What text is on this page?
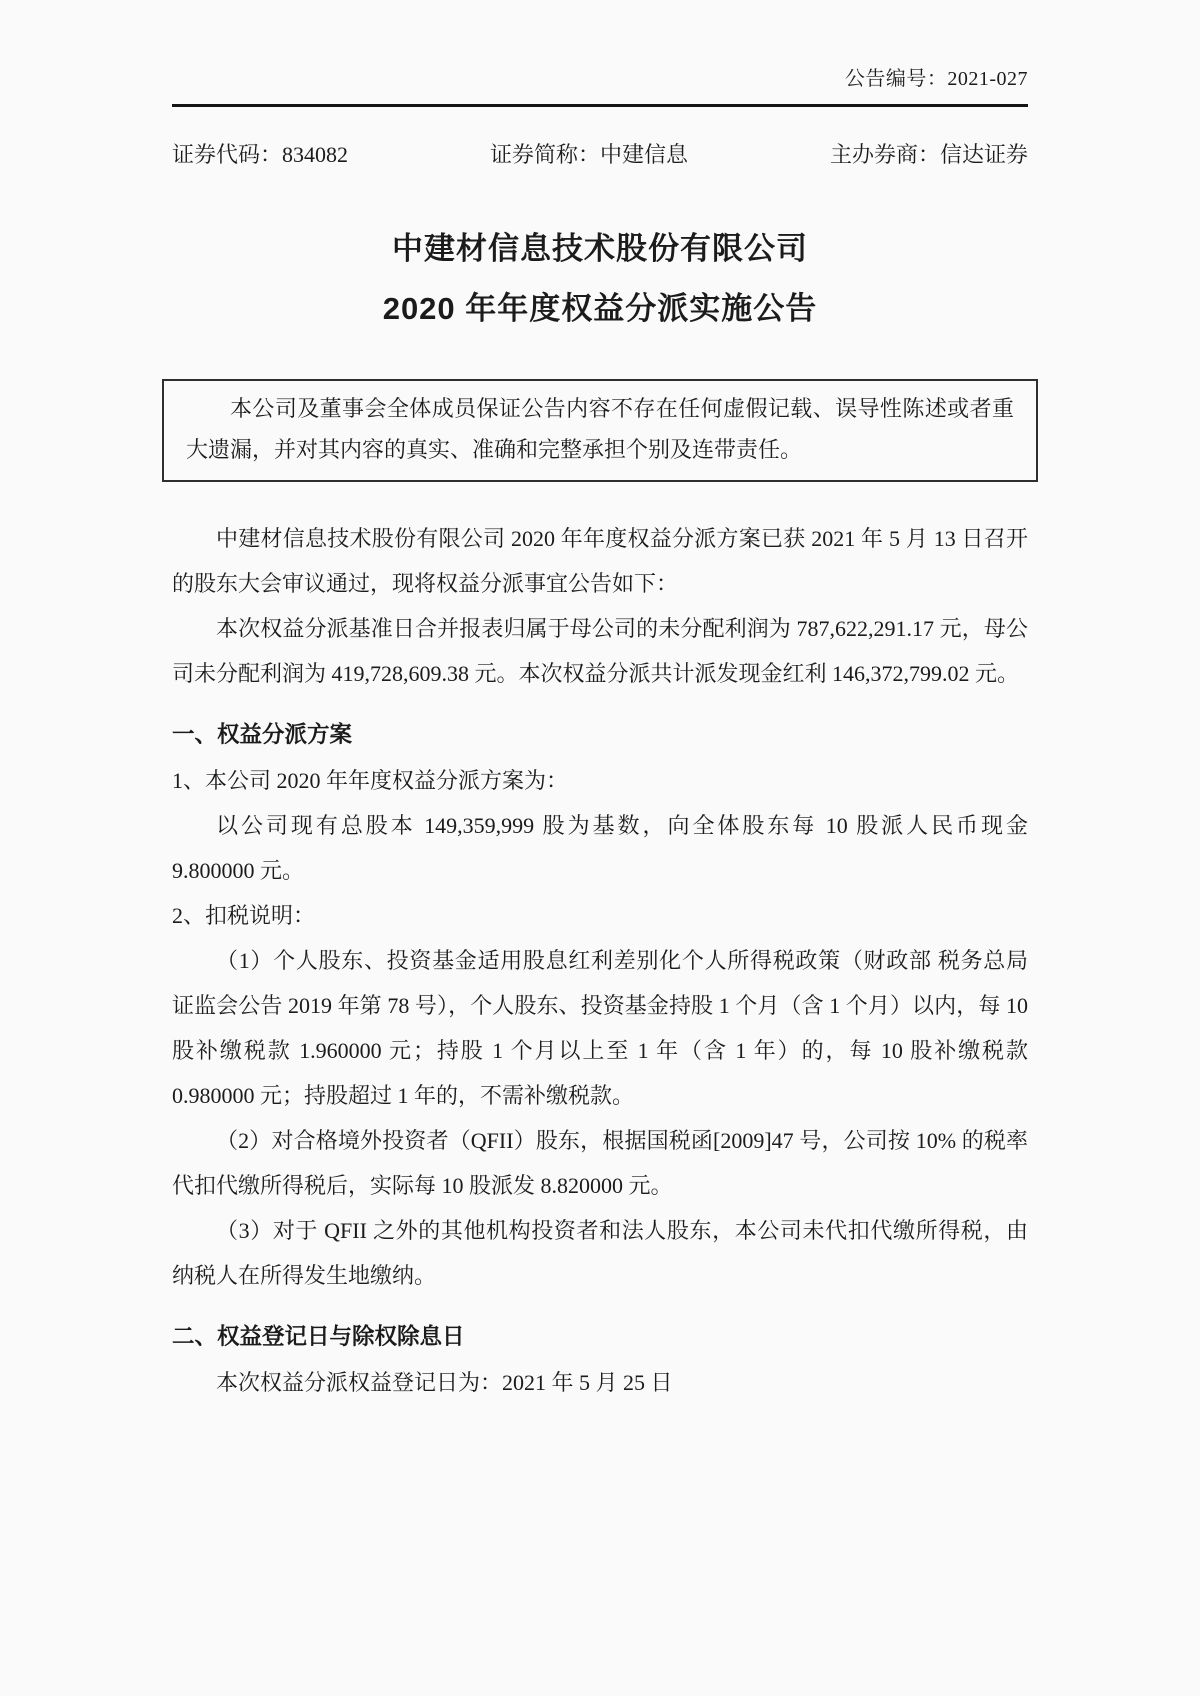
公告编号：2021-027
证券代码：834082	证券简称：中建信息	主办券商：信达证券
中建材信息技术股份有限公司
2020 年年度权益分派实施公告
本公司及董事会全体成员保证公告内容不存在任何虚假记载、误导性陈述或者重大遗漏，并对其内容的真实、准确和完整承担个别及连带责任。

中建材信息技术股份有限公司 2020 年年度权益分派方案已获 2021 年 5 月 13 日召开的股东大会审议通过，现将权益分派事宜公告如下：

本次权益分派基准日合并报表归属于母公司的未分配利润为 787,622,291.17 元，母公司未分配利润为 419,728,609.38 元。本次权益分派共计派发现金红利 146,372,799.02 元。

一、权益分派方案

1、本公司 2020 年年度权益分派方案为：

以公司现有总股本 149,359,999 股为基数，向全体股东每 10 股派人民币现金 9.800000 元。

2、扣税说明：

（1）个人股东、投资基金适用股息红利差别化个人所得税政策（财政部 税务总局 证监会公告 2019 年第 78 号），个人股东、投资基金持股 1 个月（含 1 个月）以内，每 10 股补缴税款 1.960000 元；持股 1 个月以上至 1 年（含 1 年）的，每 10 股补缴税款 0.980000 元；持股超过 1 年的，不需补缴税款。

（2）对合格境外投资者（QFII）股东，根据国税函[2009]47 号，公司按 10% 的税率代扣代缴所得税后，实际每 10 股派发 8.820000 元。

（3）对于 QFII 之外的其他机构投资者和法人股东，本公司未代扣代缴所得税，由纳税人在所得发生地缴纳。

二、权益登记日与除权除息日

本次权益分派权益登记日为：2021 年 5 月 25 日
